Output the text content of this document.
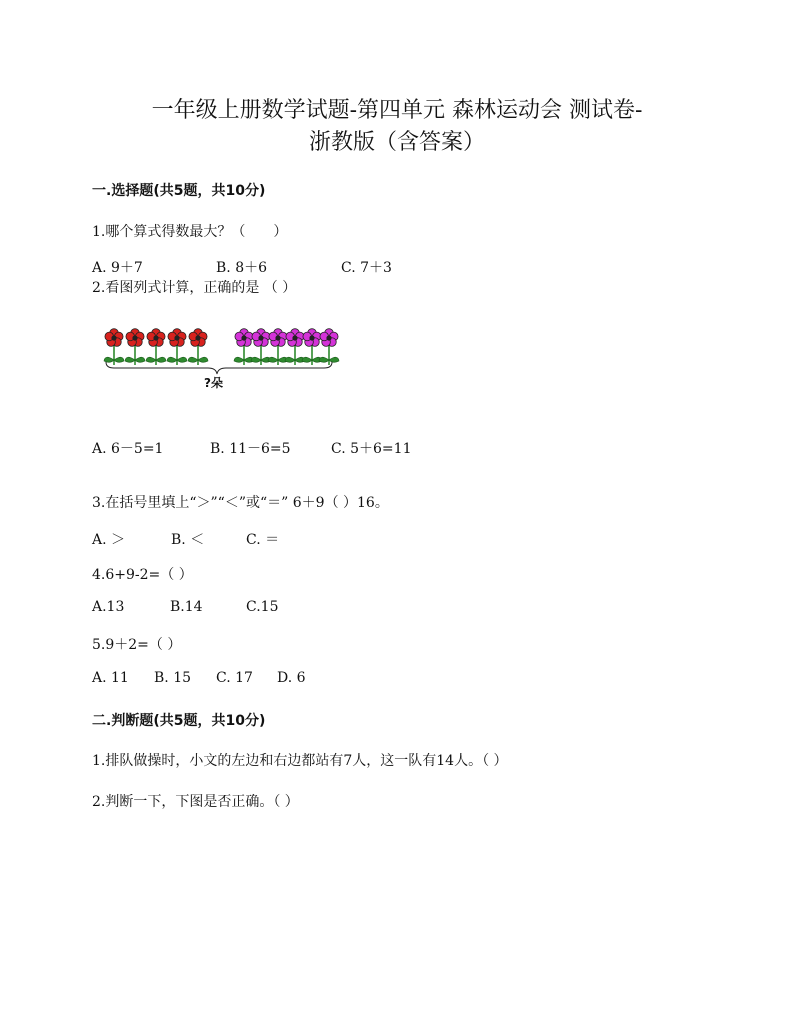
一年级上册数学试题-第四单元 森林运动会 测试卷-
浙教版（含答案）
一.选择题(共5题，共10分)
1.哪个算式得数最大？（　　）
A. 9＋7	B. 8＋6	C. 7＋3
2.看图列式计算，正确的是 （ ）
?朵
A. 6－5=1	B. 11－6=5	C. 5＋6=11
3.在括号里填上“＞”“＜”或“＝” 6＋9（ ）16。
A. ＞	B. ＜	C. ＝
4.6+9-2=（ ）
A.13	B.14	C.15
5.9＋2=（ ）
A. 11 B. 15 C. 17 D. 6
二.判断题(共5题，共10分)
1.排队做操时，小文的左边和右边都站有7人，这一队有14人。（ ）
2.判断一下，下图是否正确。（ ）
